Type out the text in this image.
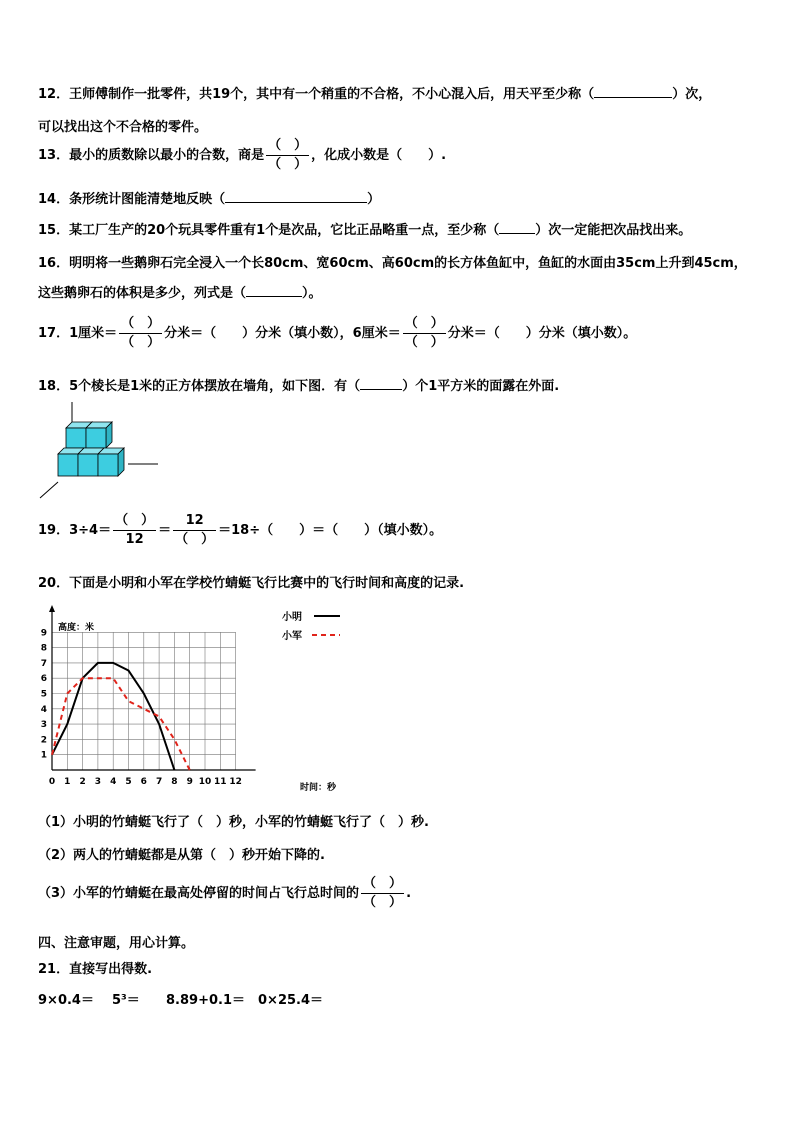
12．王师傅制作一批零件，共19个，其中有一个稍重的不合格，不小心混入后，用天平至少称（	）次，
可以找出这个不合格的零件。
13．最小的质数除以最小的合数，商是 $\frac{( )}{( )}$ ，化成小数是（　　）.
14．条形统计图能清楚地反映（	）
15．某工厂生产的20个玩具零件重有1个是次品，它比正品略重一点，至少称（	）次一定能把次品找出来。
16．明明将一些鹅卵石完全浸入一个长80cm、宽60cm、高60cm的长方体鱼缸中，鱼缸的水面由35cm上升到45cm，
这些鹅卵石的体积是多少，列式是（	）。
17．1厘米＝ $\frac{( )}{( )}$ 分米＝（　　）分米（填小数），6厘米＝ $\frac{( )}{( )}$ 分米＝（　　）分米（填小数）。
18．5个棱长是1米的正方体摆放在墙角，如下图．有（	）个1平方米的面露在外面.
19．$3\div 4= \frac{( )}{12} = \frac{12}{( )} =18\div$（　　）＝（　　）（填小数）。
20．下面是小明和小军在学校竹蜻蜓飞行比赛中的飞行时间和高度的记录.
0 1 2 3 4 5 6 7 8 9 10 11 12
1
2
3
4
5
6
7
8
9
高度：米
时间：秒
小明
小军
（1）小明的竹蜻蜓飞行了（　）秒，小军的竹蜻蜓飞行了（　）秒.
（2）两人的竹蜻蜓都是从第（　）秒开始下降的.
（3）小军的竹蜻蜓在最高处停留的时间占飞行总时间的 $\frac{( )}{( )}$ .
四、注意审题，用心计算。
21．直接写出得数.
9×0.4＝ 5³＝ 8.89+0.1＝ 0×25.4＝
